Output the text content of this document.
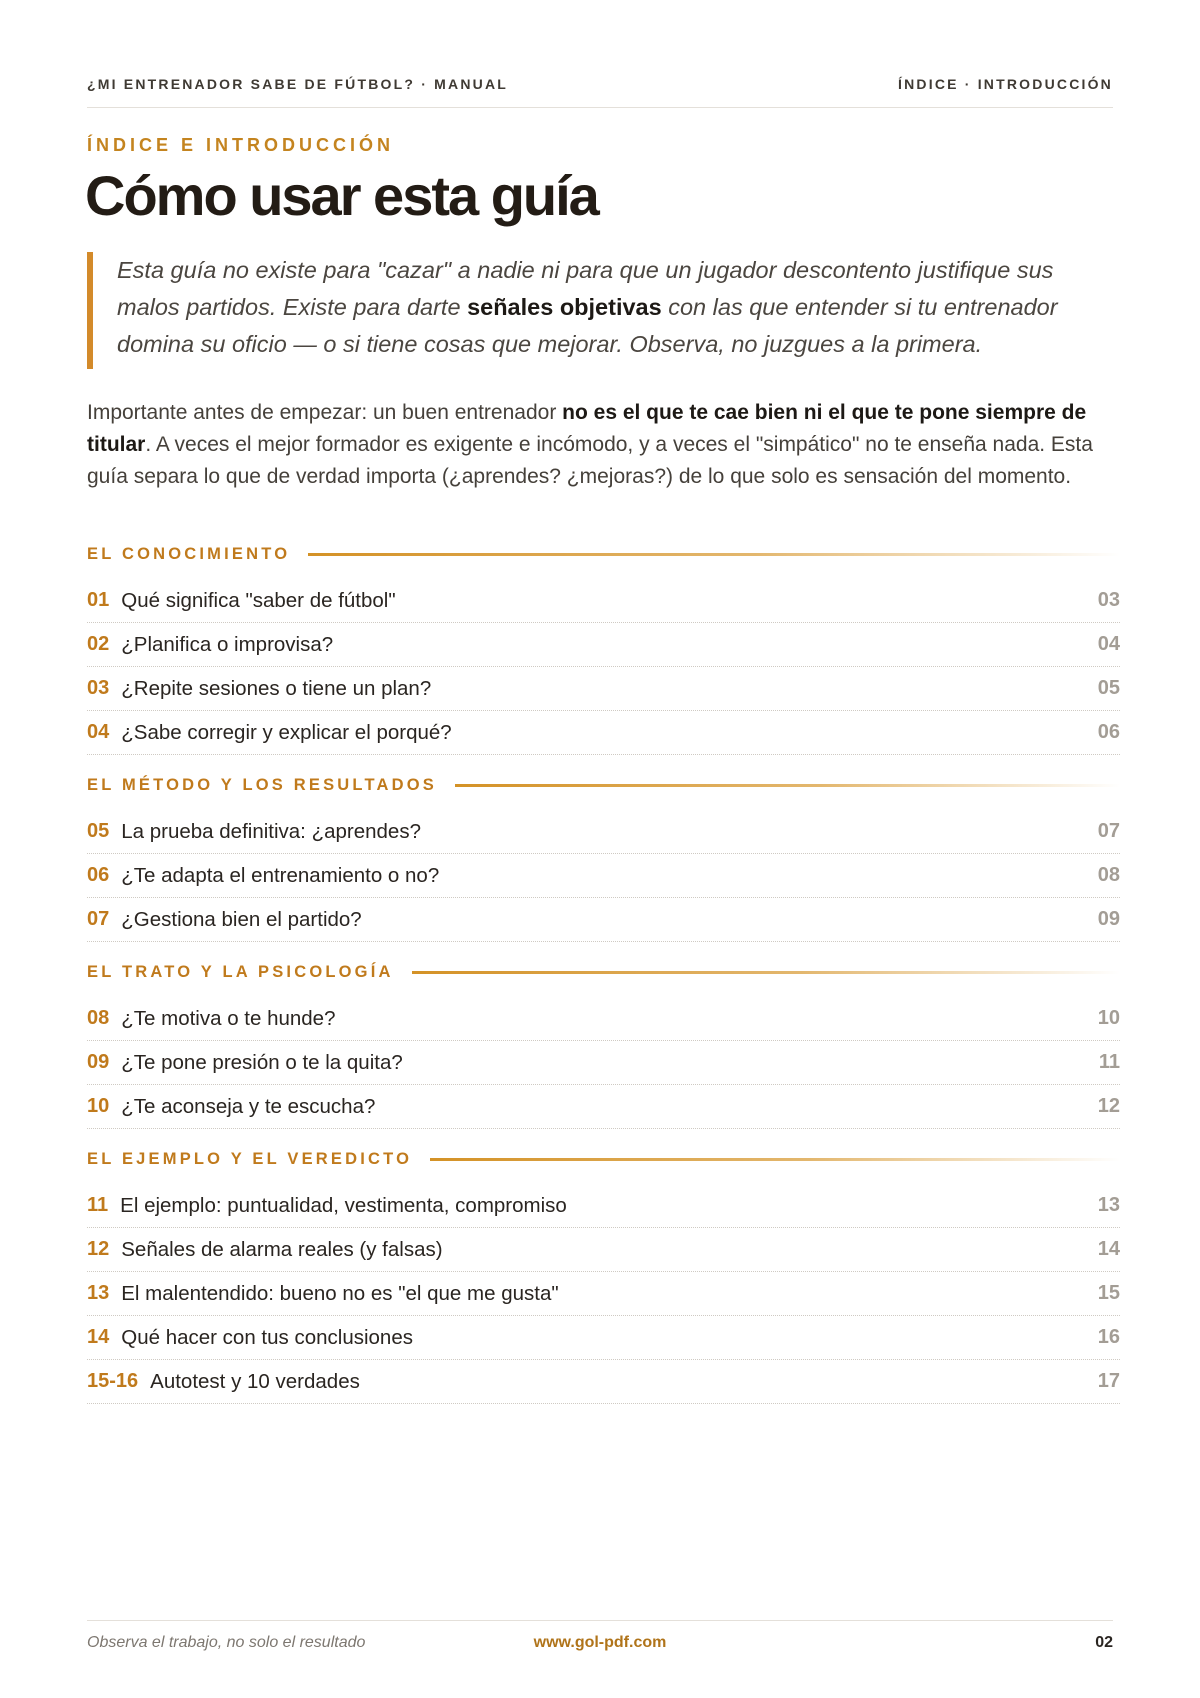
¿MI ENTRENADOR SABE DE FÚTBOL? · MANUAL	ÍNDICE · INTRODUCCIÓN
ÍNDICE E INTRODUCCIÓN
Cómo usar esta guía

Esta guía no existe para "cazar" a nadie ni para que un jugador descontento justifique sus malos partidos. Existe para darte señales objetivas con las que entender si tu entrenador domina su oficio — o si tiene cosas que mejorar. Observa, no juzgues a la primera.

Importante antes de empezar: un buen entrenador no es el que te cae bien ni el que te pone siempre de titular. A veces el mejor formador es exigente e incómodo, y a veces el "simpático" no te enseña nada. Esta guía separa lo que de verdad importa (¿aprendes? ¿mejoras?) de lo que solo es sensación del momento.

EL CONOCIMIENTO
01 Qué significa "saber de fútbol"	03
02 ¿Planifica o improvisa?	04
03 ¿Repite sesiones o tiene un plan?	05
04 ¿Sabe corregir y explicar el porqué?	06
EL MÉTODO Y LOS RESULTADOS
05 La prueba definitiva: ¿aprendes?	07
06 ¿Te adapta el entrenamiento o no?	08
07 ¿Gestiona bien el partido?	09
EL TRATO Y LA PSICOLOGÍA
08 ¿Te motiva o te hunde?	10
09 ¿Te pone presión o te la quita?	11
10 ¿Te aconseja y te escucha?	12
EL EJEMPLO Y EL VEREDICTO
11 El ejemplo: puntualidad, vestimenta, compromiso	13
12 Señales de alarma reales (y falsas)	14
13 El malentendido: bueno no es "el que me gusta"	15
14 Qué hacer con tus conclusiones	16
15-16 Autotest y 10 verdades	17
Observa el trabajo, no solo el resultado	www.gol-pdf.com	02
